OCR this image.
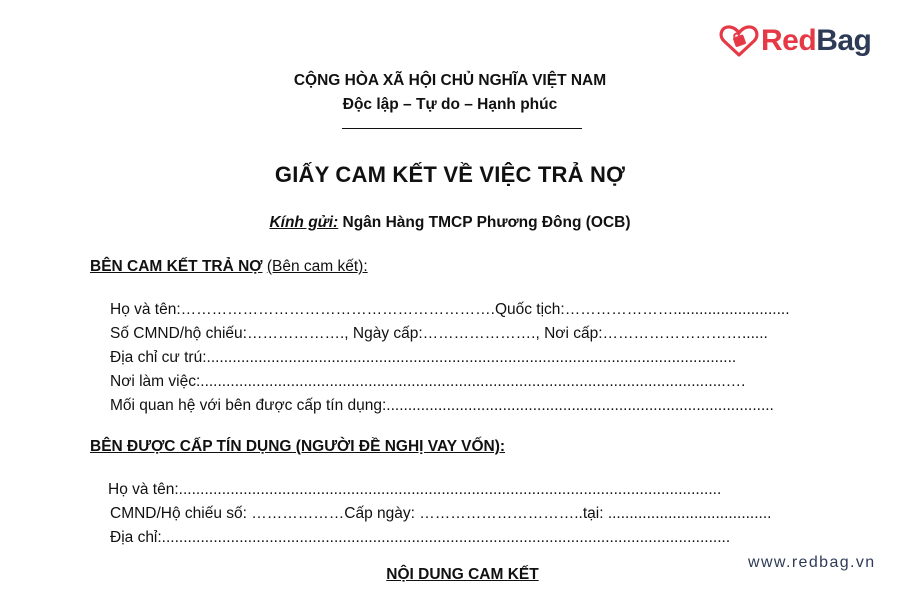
RedBag
CỘNG HÒA XÃ HỘI CHỦ NGHĨA VIỆT NAM
Độc lập – Tự do – Hạnh phúc
GIẤY CAM KẾT VỀ VIỆC TRẢ NỢ
Kính gửi: Ngân Hàng TMCP Phương Đông (OCB)
BÊN CAM KẾT TRẢ NỢ (Bên cam kết):
Họ và tên:…………………………………………………….Quốc tịch:…………………...........................
Số CMND/hộ chiếu:………………., Ngày cấp:…………………., Nơi cấp:………………………......
Địa chỉ cư trú:...........................................................................................................................
Nơi làm việc:..........................................................................................................................….
Mối quan hệ với bên được cấp tín dụng:..........................................................................................
BÊN ĐƯỢC CẤP TÍN DỤNG (NGƯỜI ĐỀ NGHỊ VAY VỐN):
Họ và tên:..............................................................................................................................
CMND/Hộ chiếu số: ………………Cấp ngày: …………………………..tại: ......................................
Địa chỉ:....................................................................................................................................
www.redbag.vn
NỘI DUNG CAM KẾT
